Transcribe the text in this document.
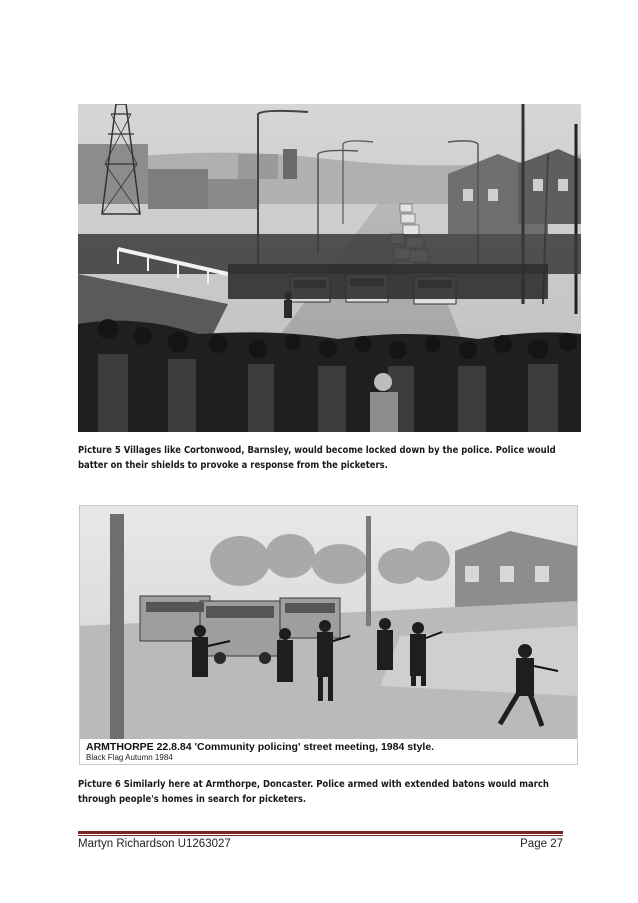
Picture 5 Villages like Cortonwood, Barnsley, would become locked down by the police. Police would batter on their shields to provoke a response from the picketers.

ARMTHORPE 22.8.84 'Community policing' street meeting, 1984 style.
Black Flag Autumn 1984

Picture 6 Similarly here at Armthorpe, Doncaster. Police armed with extended batons would march through people's homes in search for picketers.

Martyn Richardson U1263027	Page 27
